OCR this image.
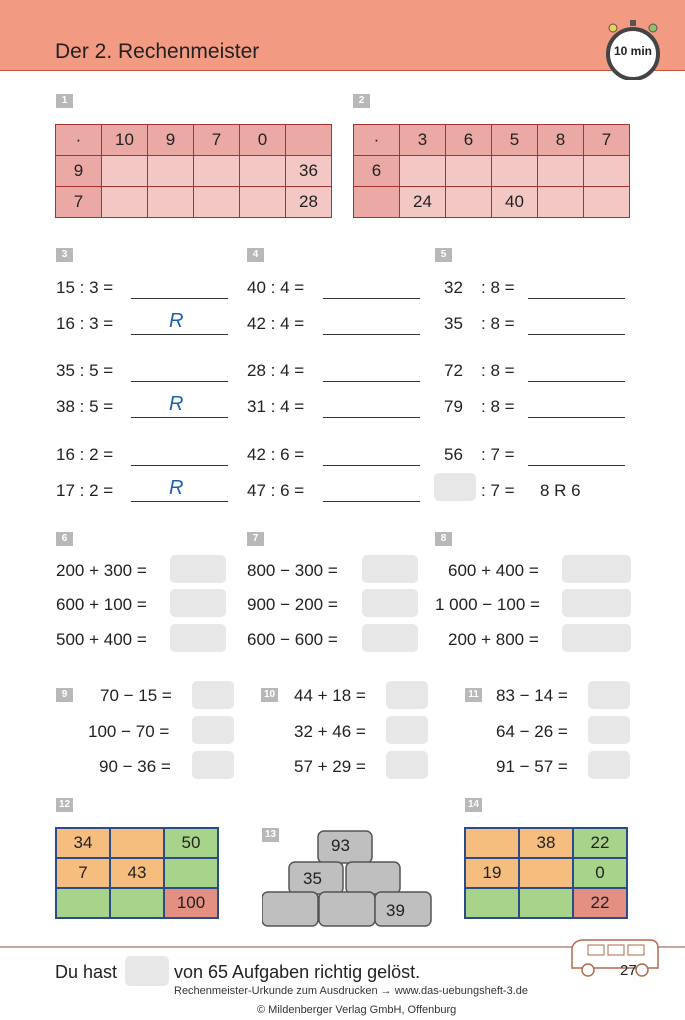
Der 2. Rechenmeister	10 min
1	2
3	4	5
6	7	8
9	10	11
12
13
14
·	10	9	7	0	
9					36
7					28
·	3	6	5	8	7
6					
	24		40		
15 : 3 =
16 : 3 =	R
35 : 5 =
38 : 5 =	R
16 : 2 =
17 : 2 =	R
40 : 4 =
42 : 4 =
28 : 4 =
31 : 4 =
42 : 6 =
47 : 6 =
32 : 8 =
35 : 8 =
72 : 8 =
79 : 8 =
56 : 7 =
: 7 = 8 R 6
200 + 300 =
600 + 100 =
500 + 400 =
800 − 300 =
900 − 200 =
600 − 600 =
600 + 400 =
1 000 − 100 =
200 + 800 =
70 − 15 =
100 − 70 =
90 − 36 =
44 + 18 =
32 + 46 =
57 + 29 =
83 − 14 =
64 − 26 =
91 − 57 =
34		50
7	43	
		100
93
35
39
	38	22
19		0
		22
27
Du hast	von 65 Aufgaben richtig gelöst.
Rechenmeister-Urkunde zum Ausdrucken → www.das-uebungsheft-3.de
© Mildenberger Verlag GmbH, Offenburg
